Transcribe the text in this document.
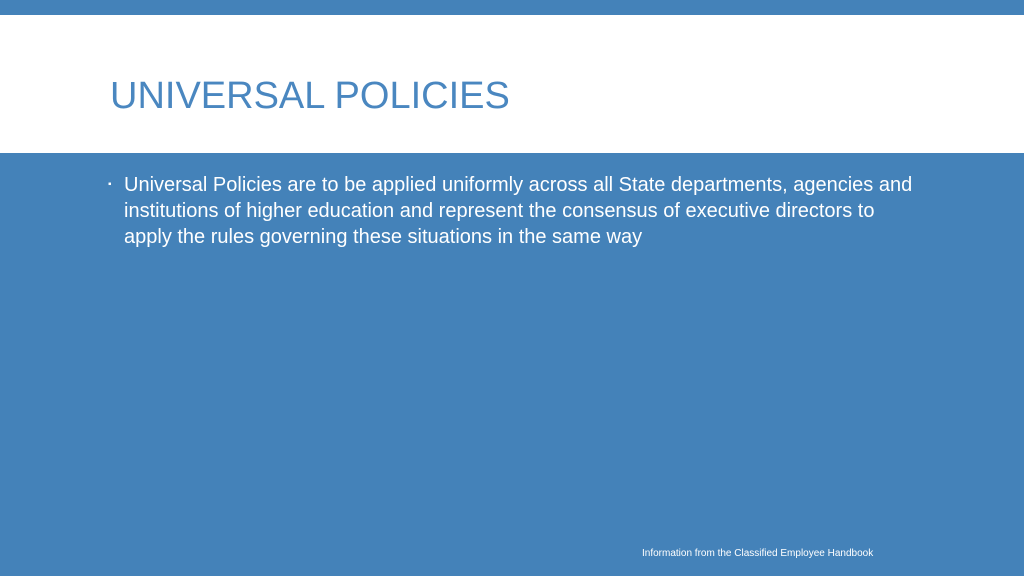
UNIVERSAL POLICIES
▪ Universal Policies are to be applied uniformly across all State departments, agencies and institutions of higher education and represent the consensus of executive directors to apply the rules governing these situations in the same way
Information from the Classified Employee Handbook
